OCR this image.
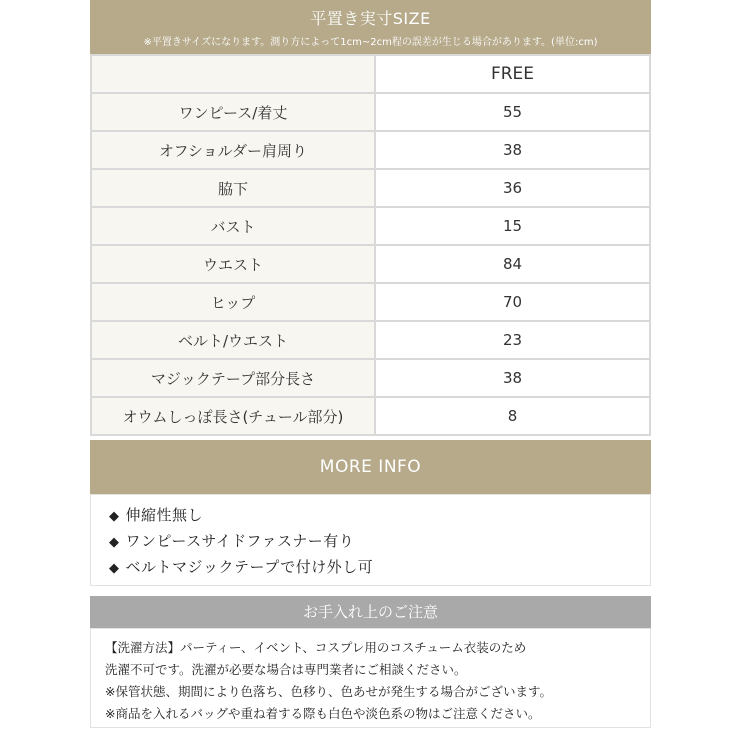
平置き実寸SIZE
※平置きサイズになります。測り方によって1cm~2cm程の誤差が生じる場合があります。(単位:cm)
	FREE
ワンピース/着丈	55
オフショルダー肩周り	38
脇下	36
バスト	15
ウエスト	84
ヒップ	70
ベルト/ウエスト	23
マジックテープ部分長さ	38
オウムしっぽ長さ(チュール部分)	8
MORE INFO
◆ 伸縮性無し
◆ ワンピースサイドファスナー有り
◆ ベルトマジックテープで付け外し可
お手入れ上のご注意

【洗濯方法】パーティー、イベント、コスプレ用のコスチューム衣装のため

洗濯不可です。洗濯が必要な場合は専門業者にご相談ください。

※保管状態、期間により色落ち、色移り、色あせが発生する場合がございます。

※商品を入れるバッグや重ね着する際も白色や淡色系の物はご注意ください。
